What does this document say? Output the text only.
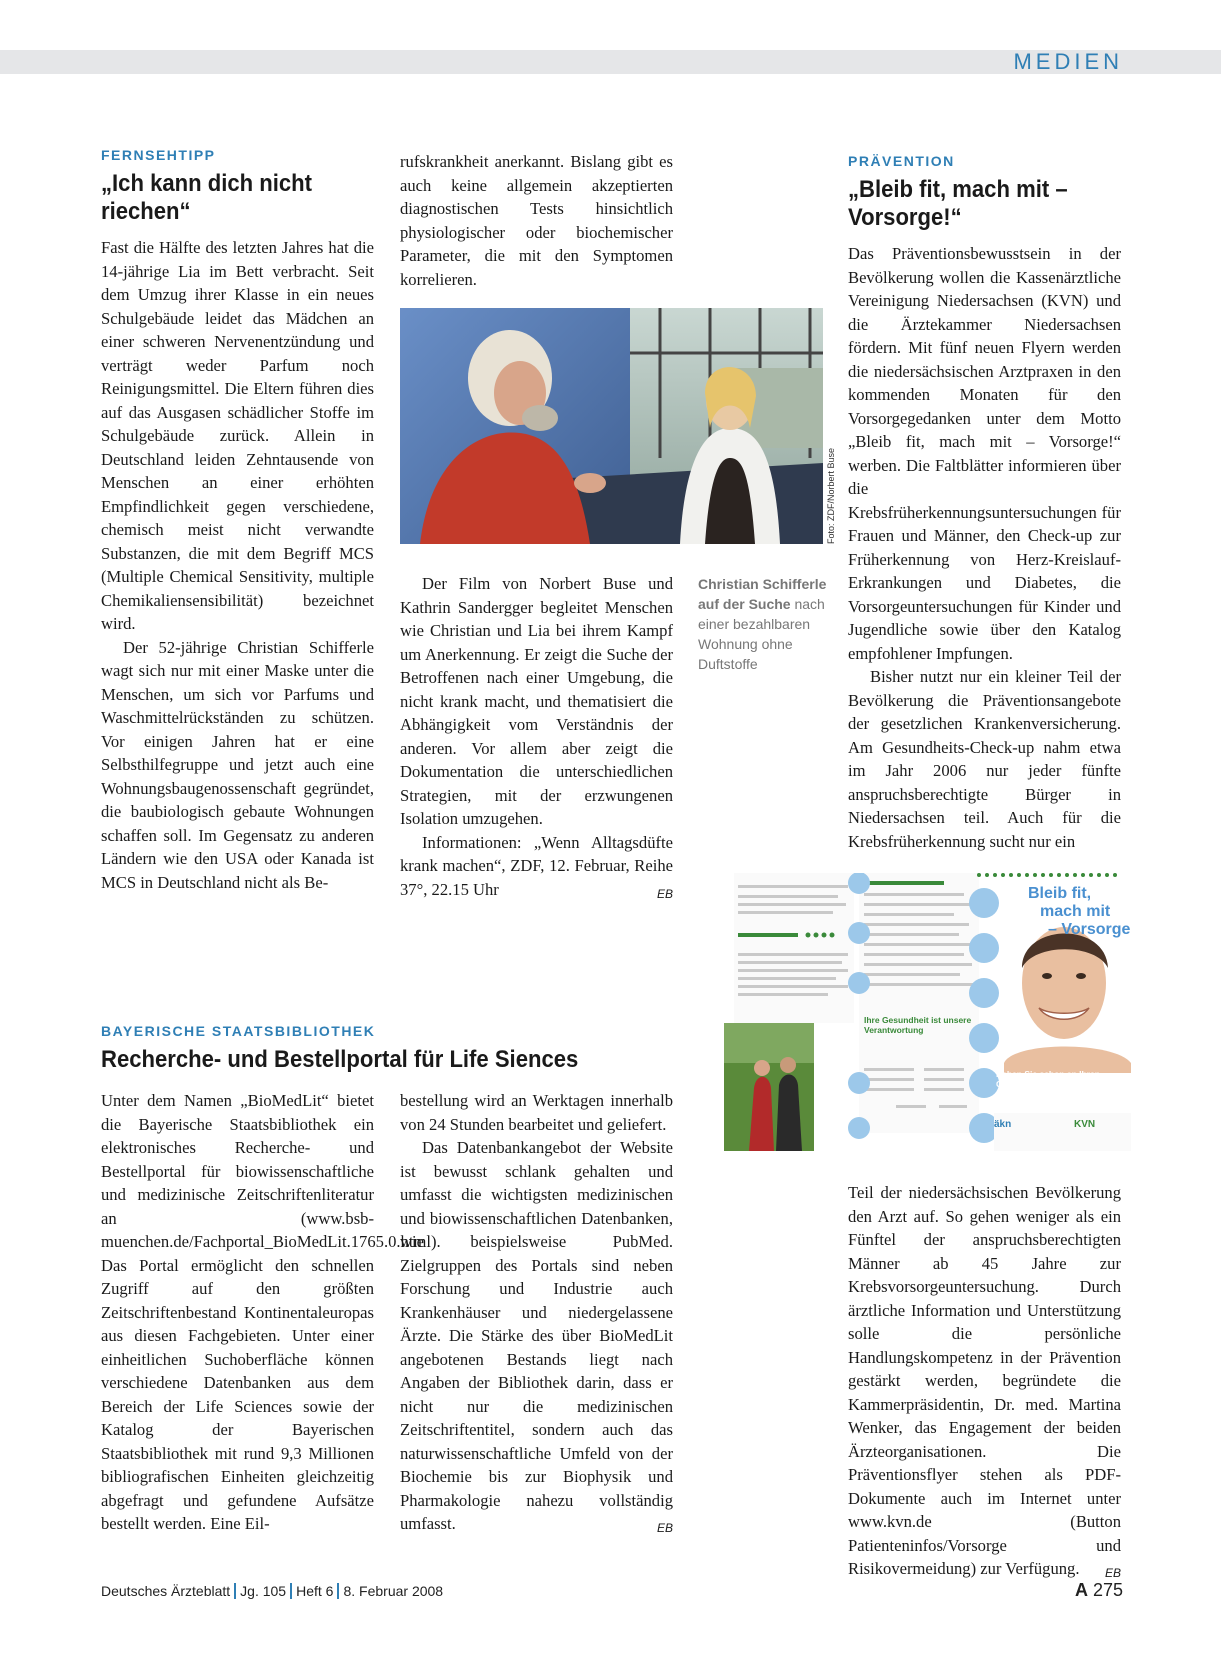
MEDIEN
FERNSEHTIPP
„Ich kann dich nicht riechen“

Fast die Hälfte des letzten Jahres hat die 14-jährige Lia im Bett verbracht. Seit dem Umzug ihrer Klasse in ein neues Schulgebäude leidet das Mädchen an einer schweren Nervenentzündung und verträgt weder Parfum noch Reinigungsmittel. Die Eltern führen dies auf das Ausgasen schädlicher Stoffe im Schulgebäude zurück. Allein in Deutschland leiden Zehntausende von Menschen an einer erhöhten Empfindlichkeit gegen verschiedene, chemisch meist nicht verwandte Substanzen, die mit dem Begriff MCS (Multiple Chemical Sensitivity, multiple Chemikaliensensibilität) bezeichnet wird.

Der 52-jährige Christian Schifferle wagt sich nur mit einer Maske unter die Menschen, um sich vor Parfums und Waschmittelrückständen zu schützen. Vor einigen Jahren hat er eine Selbsthilfegruppe und jetzt auch eine Wohnungsbaugenossenschaft gegründet, die baubiologisch gebaute Wohnungen schaffen soll. Im Gegensatz zu anderen Ländern wie den USA oder Kanada ist MCS in Deutschland nicht als Be-

rufskrankheit anerkannt. Bislang gibt es auch keine allgemein akzeptierten diagnostischen Tests hinsichtlich physiologischer oder biochemischer Parameter, die mit den Symptomen korrelieren.

Foto: ZDF/Norbert Buse
Christian Schifferle auf der Suche nach einer bezahlbaren Wohnung ohne Duftstoffe

Der Film von Norbert Buse und Kathrin Sandergger begleitet Menschen wie Christian und Lia bei ihrem Kampf um Anerkennung. Er zeigt die Suche der Betroffenen nach einer Umgebung, die nicht krank macht, und thematisiert die Abhängigkeit vom Verständnis der anderen. Vor allem aber zeigt die Dokumentation die unterschiedlichen Strategien, mit der erzwungenen Isolation umzugehen.

Informationen: „Wenn Alltagsdüfte krank machen“, ZDF, 12. Februar, Reihe 37°, 22.15 Uhr	EB

BAYERISCHE STAATSBIBLIOTHEK
Recherche- und Bestellportal für Life Siences

Unter dem Namen „BioMedLit“ bietet die Bayerische Staatsbibliothek ein elektronisches Recherche- und Bestellportal für biowissenschaftliche und medizinische Zeitschriftenliteratur an (www.bsb-muenchen.de/Fachportal_BioMedLit.1765.0.html). Das Portal ermöglicht den schnellen Zugriff auf den größten Zeitschriftenbestand Kontinentaleuropas aus diesen Fachgebieten. Unter einer einheitlichen Suchoberfläche können verschiedene Datenbanken aus dem Bereich der Life Sciences sowie der Katalog der Bayerischen Staatsbibliothek mit rund 9,3 Millionen bibliografischen Einheiten gleichzeitig abgefragt und gefundene Aufsätze bestellt werden. Eine Eil-

bestellung wird an Werktagen innerhalb von 24 Stunden bearbeitet und geliefert.

Das Datenbankangebot der Website ist bewusst schlank gehalten und umfasst die wichtigsten medizinischen und biowissenschaftlichen Datenbanken, wie beispielsweise PubMed. Zielgruppen des Portals sind neben Forschung und Industrie auch Krankenhäuser und niedergelassene Ärzte. Die Stärke des über BioMedLit angebotenen Bestands liegt nach Angaben der Bibliothek darin, dass er nicht nur die medizinischen Zeitschriftentitel, sondern auch das naturwissenschaftliche Umfeld von der Biochemie bis zur Biophysik und Pharmakologie nahezu vollständig umfasst.	EB

PRÄVENTION
„Bleib fit, mach mit – Vorsorge!“

Das Präventionsbewusstsein in der Bevölkerung wollen die Kassenärztliche Vereinigung Niedersachsen (KVN) und die Ärztekammer Niedersachsen fördern. Mit fünf neuen Flyern werden die niedersächsischen Arztpraxen in den kommenden Monaten für den Vorsorgegedanken unter dem Motto „Bleib fit, mach mit – Vorsorge!“ werben. Die Faltblätter informieren über die Krebsfrüherkennungsuntersuchungen für Frauen und Männer, den Check-up zur Früherkennung von Herz-Kreislauf-Erkrankungen und Diabetes, die Vorsorgeuntersuchungen für Kinder und Jugendliche sowie über den Katalog empfohlener Impfungen.

Bisher nutzt nur ein kleiner Teil der Bevölkerung die Präventionsangebote der gesetzlichen Krankenversicherung. Am Gesundheits-Check-up nahm etwa im Jahr 2006 nur jeder fünfte anspruchsberechtigte Bürger in Niedersachsen teil. Auch für die Krebsfrüherkennung sucht nur ein

Bleib fit,
mach mit
– Vorsorge
Ihre Gesundheit ist unsere
Verantwortung
Haben Sie schon an Ihren
Gesundheits-Check-up 35+
gedacht?
äkn	KVN

Teil der niedersächsischen Bevölkerung den Arzt auf. So gehen weniger als ein Fünftel der anspruchsberechtigten Männer ab 45 Jahre zur Krebsvorsorgeuntersuchung. Durch ärztliche Information und Unterstützung solle die persönliche Handlungskompetenz in der Prävention gestärkt werden, begründete die Kammerpräsidentin, Dr. med. Martina Wenker, das Engagement der beiden Ärzteorganisationen. Die Präventionsflyer stehen als PDF-Dokumente auch im Internet unter www.kvn.de (Button Patienteninfos/Vorsorge und Risikovermeidung) zur Verfügung. EB

Deutsches Ärzteblatt Jg. 105 Heft 6 8. Februar 2008	A 275
